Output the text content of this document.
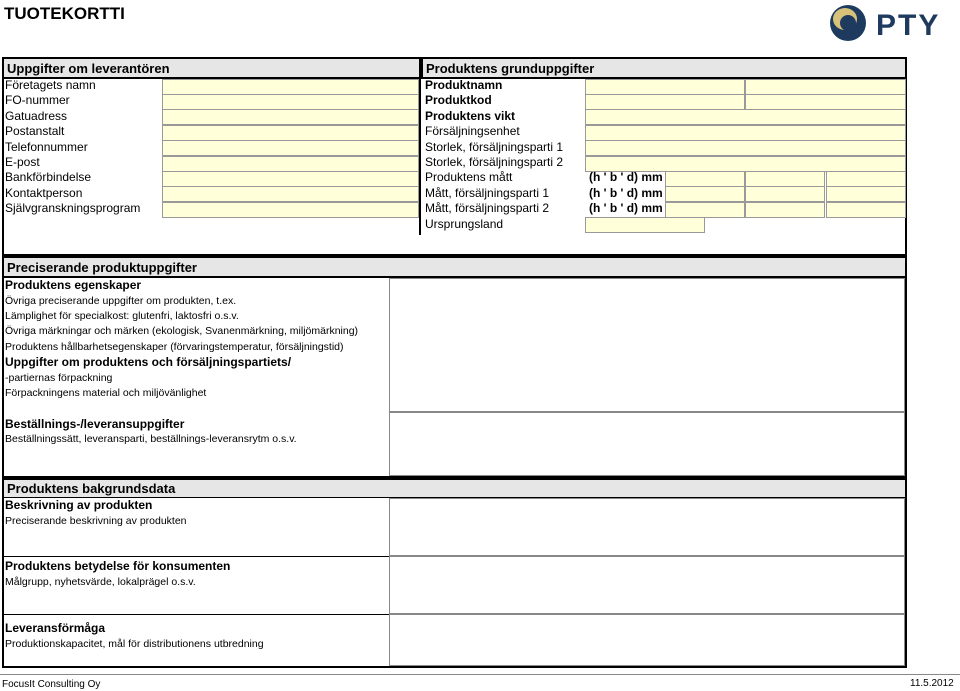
TUOTEKORTTI	PTY
Uppgifter om leverantören	Produktens grunduppgifter
Företagets namn
FO-nummer
Gatuadress
Postanstalt
Telefonnummer
E-post
Bankförbindelse
Kontaktperson
Självgranskningsprogram
Produktnamn
Produktkod
Produktens vikt
Försäljningsenhet
Storlek, försäljningsparti 1
Storlek, försäljningsparti 2
Produktens mått	(h ' b ' d) mm
Mått, försäljningsparti 1	(h ' b ' d) mm
Mått, försäljningsparti 2	(h ' b ' d) mm
Ursprungsland
Preciserande produktuppgifter
Produktens egenskaper
Övriga preciserande uppgifter om produkten, t.ex.
Lämplighet för specialkost: glutenfri, laktosfri o.s.v.
Övriga märkningar och märken (ekologisk, Svanenmärkning, miljömärkning)
Produktens hållbarhetsegenskaper (förvaringstemperatur, försäljningstid)
Uppgifter om produktens och försäljningspartiets/
-partiernas förpackning
Förpackningens material och miljövänlighet
Beställnings-/leveransuppgifter
Beställningssätt, leveransparti, beställnings-leveransrytm o.s.v.
Produktens bakgrundsdata
Beskrivning av produkten
Preciserande beskrivning av produkten
Produktens betydelse för konsumenten
Målgrupp, nyhetsvärde, lokalprägel o.s.v.
Leveransförmåga
Produktionskapacitet, mål för distributionens utbredning
FocusIt Consulting Oy	11.5.2012
